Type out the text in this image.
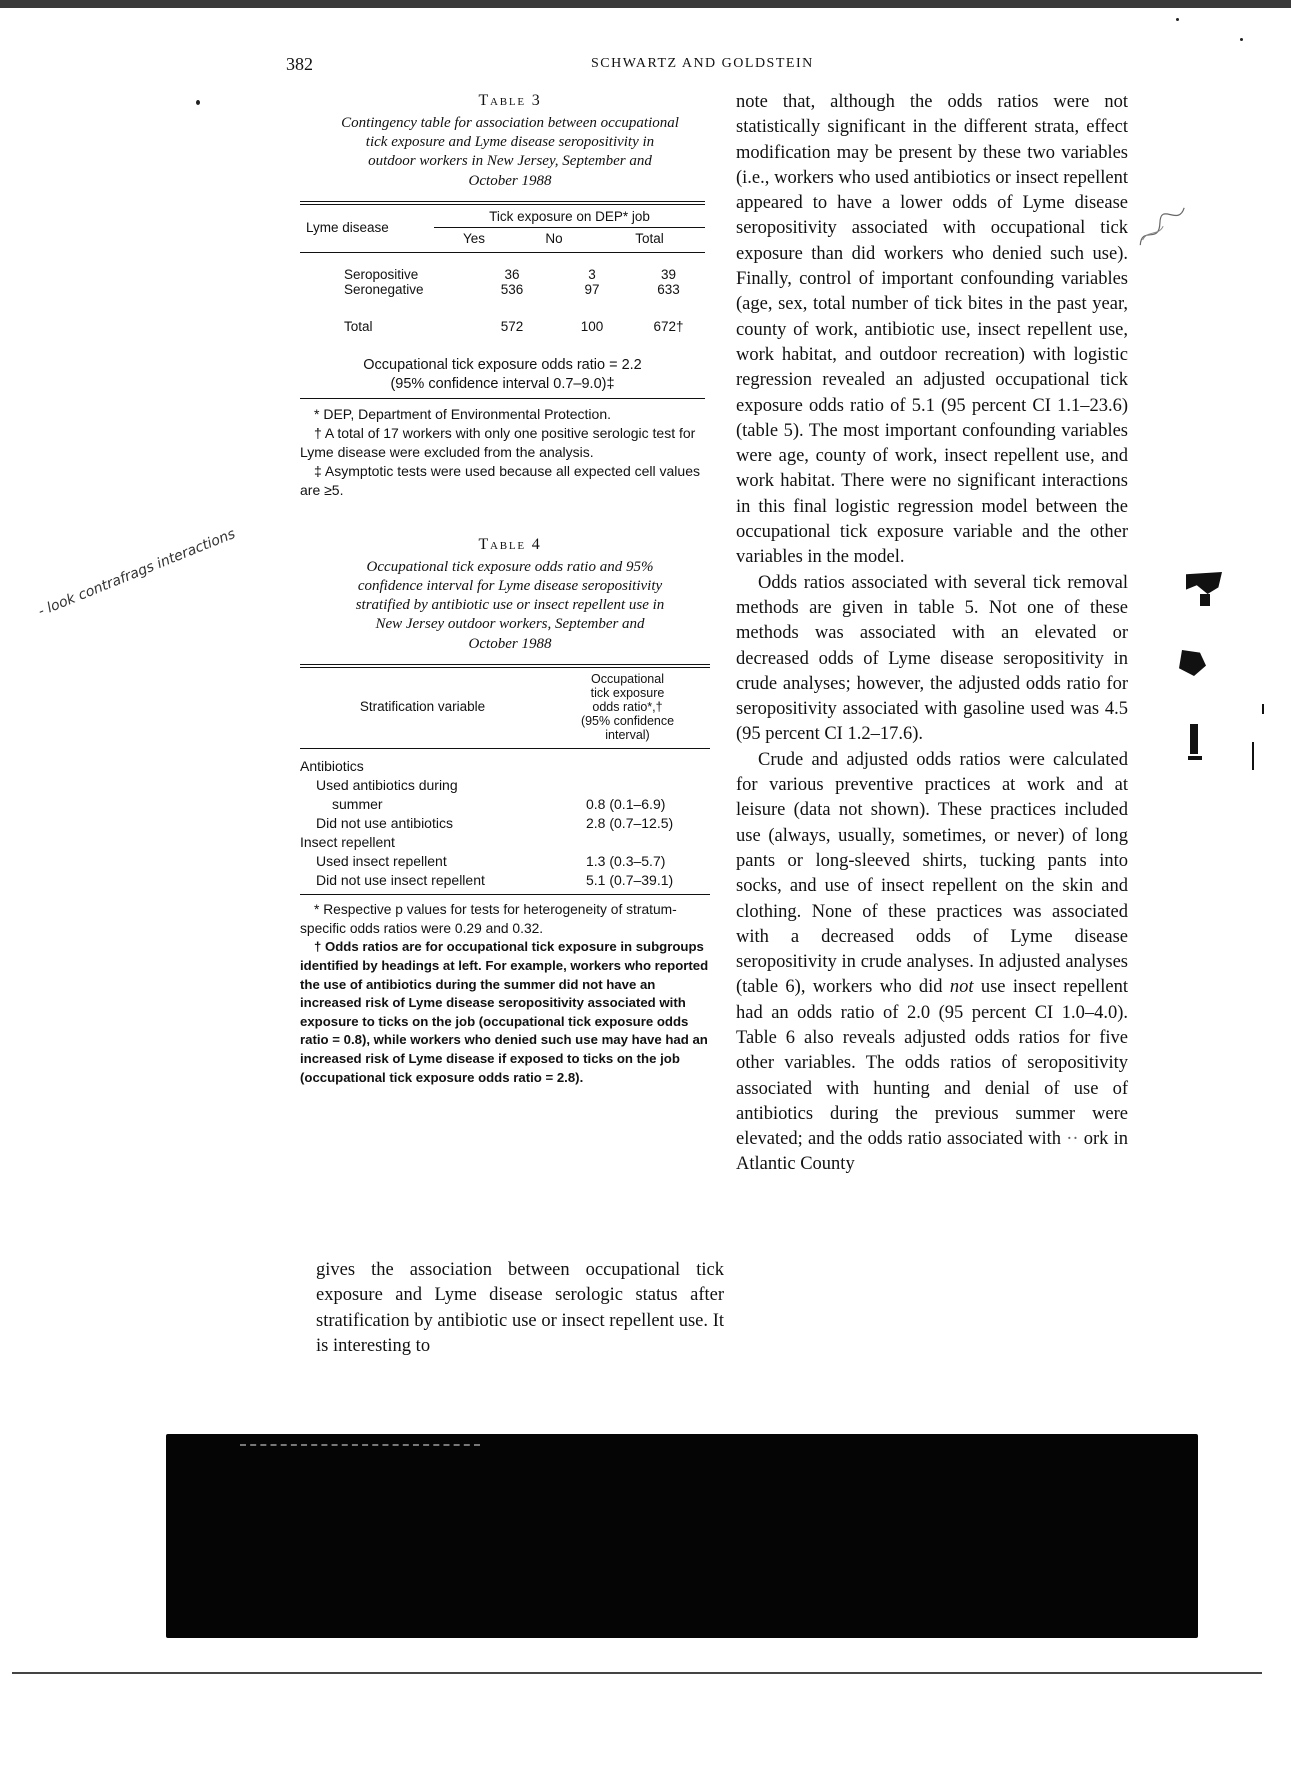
382	SCHWARTZ AND GOLDSTEIN

Table 3

Contingency table for association between occupational
tick exposure and Lyme disease seropositivity in
outdoor workers in New Jersey, September and
October 1988
Lyme disease	Tick exposure on DEP* job		
	Yes	No	Total
Seropositive	36	3	39
Seronegative	536	97	633

Total	572	100	672†
Occupational tick exposure odds ratio = 2.2
(95% confidence interval 0.7–9.0)‡

* DEP, Department of Environmental Protection.

† A total of 17 workers with only one positive serologic test for Lyme disease were excluded from the analysis.

‡ Asymptotic tests were used because all expected cell values are ≥5.

Table 4

Occupational tick exposure odds ratio and 95%
confidence interval for Lyme disease seropositivity
stratified by antibiotic use or insect repellent use in
New Jersey outdoor workers, September and
October 1988
Stratification variable	
Occupational
tick exposure
odds ratio*,†
(95% confidence
interval)
Antibiotics	
Used antibiotics during	
summer	0.8 (0.1–6.9)
Did not use antibiotics	2.8 (0.7–12.5)
Insect repellent	
Used insect repellent	1.3 (0.3–5.7)
Did not use insect repellent	5.1 (0.7–39.1)

* Respective p values for tests for heterogeneity of stratum-specific odds ratios were 0.29 and 0.32.

† Odds ratios are for occupational tick exposure in subgroups identified by headings at left. For example, workers who reported the use of antibiotics during the summer did not have an increased risk of Lyme disease seropositivity associated with exposure to ticks on the job (occupational tick exposure odds ratio = 0.8), while workers who denied such use may have had an increased risk of Lyme disease if exposed to ticks on the job (occupational tick exposure odds ratio = 2.8).

gives the association between occupational tick exposure and Lyme disease serologic status after stratification by antibiotic use or insect repellent use. It is interesting to

note that, although the odds ratios were not statistically significant in the different strata, effect modification may be present by these two variables (i.e., workers who used antibiotics or insect repellent appeared to have a lower odds of Lyme disease seropositivity associated with occupational tick exposure than did workers who denied such use). Finally, control of important confounding variables (age, sex, total number of tick bites in the past year, county of work, antibiotic use, insect repellent use, work habitat, and outdoor recreation) with logistic regression revealed an adjusted occupational tick exposure odds ratio of 5.1 (95 percent CI 1.1–23.6) (table 5). The most important confounding variables were age, county of work, insect repellent use, and work habitat. There were no significant interactions in this final logistic regression model between the occupational tick exposure variable and the other variables in the model.

Odds ratios associated with several tick removal methods are given in table 5. Not one of these methods was associated with an elevated or decreased odds of Lyme disease seropositivity in crude analyses; however, the adjusted odds ratio for seropositivity associated with gasoline used was 4.5 (95 percent CI 1.2–17.6).

Crude and adjusted odds ratios were calculated for various preventive practices at work and at leisure (data not shown). These practices included use (always, usually, sometimes, or never) of long pants or long-sleeved shirts, tucking pants into socks, and use of insect repellent on the skin and clothing. None of these practices was associated with a decreased odds of Lyme disease seropositivity in crude analyses. In adjusted analyses (table 6), workers who did not use insect repellent had an odds ratio of 2.0 (95 percent CI 1.0–4.0). Table 6 also reveals adjusted odds ratios for five other variables. The odds ratios of seropositivity associated with hunting and denial of use of antibiotics during the previous summer were elevated; and the odds ratio associated with ·· ork in Atlantic County

- look contrafrags interactions
